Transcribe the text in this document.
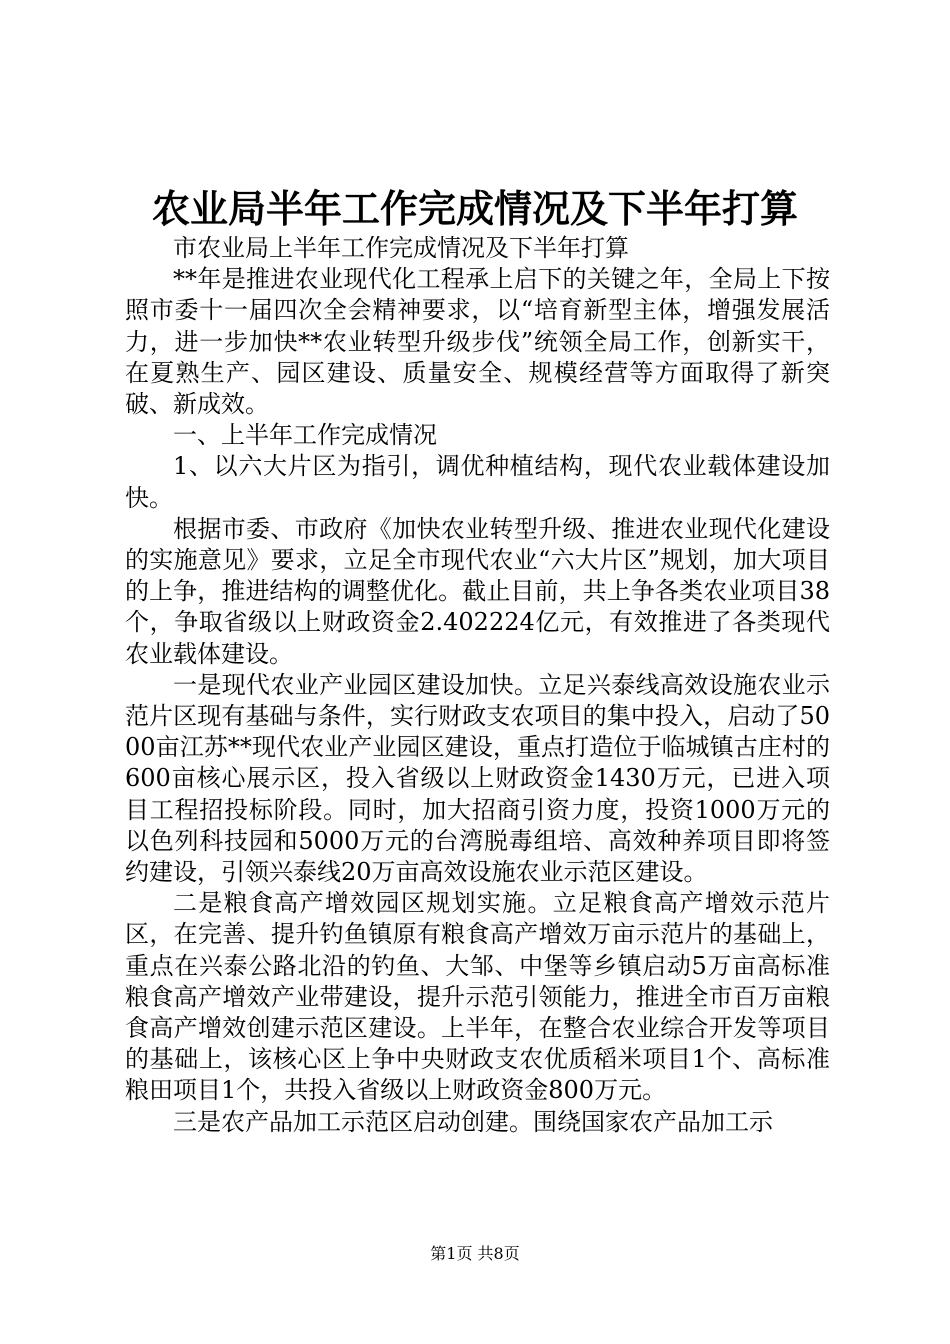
农业局半年工作完成情况及下半年打算

市农业局上半年工作完成情况及下半年打算

**年是推进农业现代化工程承上启下的关键之年，全局上下按照市委十一届四次全会精神要求，以“培育新型主体，增强发展活力，进一步加快**农业转型升级步伐”统领全局工作，创新实干，在夏熟生产、园区建设、质量安全、规模经营等方面取得了新突破、新成效。

一、上半年工作完成情况

1、以六大片区为指引，调优种植结构，现代农业载体建设加快。

根据市委、市政府《加快农业转型升级、推进农业现代化建设的实施意见》要求，立足全市现代农业“六大片区”规划，加大项目的上争，推进结构的调整优化。截止目前，共上争各类农业项目38个，争取省级以上财政资金2.402224亿元，有效推进了各类现代农业载体建设。

一是现代农业产业园区建设加快。立足兴泰线高效设施农业示范片区现有基础与条件，实行财政支农项目的集中投入，启动了5000亩江苏**现代农业产业园区建设，重点打造位于临城镇古庄村的600亩核心展示区，投入省级以上财政资金1430万元，已进入项目工程招投标阶段。同时，加大招商引资力度，投资1000万元的以色列科技园和5000万元的台湾脱毒组培、高效种养项目即将签约建设，引领兴泰线20万亩高效设施农业示范区建设。

二是粮食高产增效园区规划实施。立足粮食高产增效示范片区，在完善、提升钓鱼镇原有粮食高产增效万亩示范片的基础上，重点在兴泰公路北沿的钓鱼、大邹、中堡等乡镇启动5万亩高标准粮食高产增效产业带建设，提升示范引领能力，推进全市百万亩粮食高产增效创建示范区建设。上半年，在整合农业综合开发等项目的基础上，该核心区上争中央财政支农优质稻米项目1个、高标准粮田项目1个，共投入省级以上财政资金800万元。

三是农产品加工示范区启动创建。围绕国家农产品加工示

第1页 共8页
